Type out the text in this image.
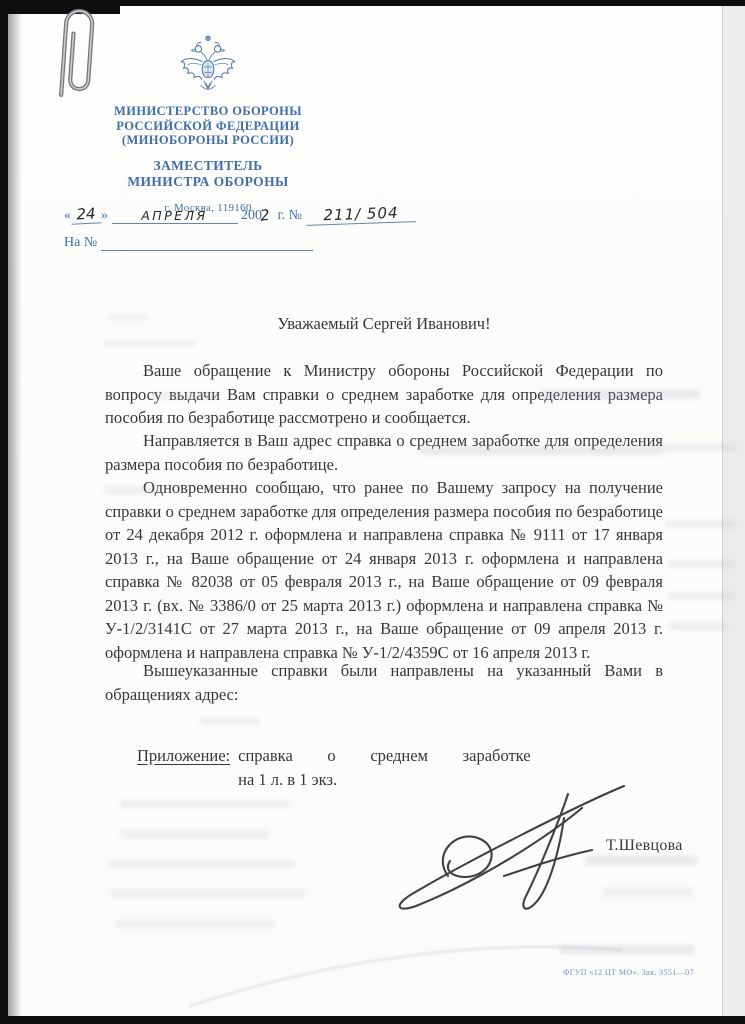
МИНИСТЕРСТВО ОБОРОНЫ
РОССИЙСКОЙ ФЕДЕРАЦИИ
(МИНОБОРОНЫ РОССИИ)
ЗАМЕСТИТЕЛЬ
МИНИСТРА ОБОРОНЫ
г. Москва, 119160
« 24 »	АПРЕЛЯ 2002 г. № 211/ 504
На №
Уважаемый Сергей Иванович!
Ваше обращение к Министру обороны Российской Федерации по вопросу выдачи Вам справки о среднем заработке для определения размера пособия по безработице рассмотрено и сообщается.
Направляется в Ваш адрес справка о среднем заработке для определения размера пособия по безработице.
Одновременно сообщаю, что ранее по Вашему запросу на получение справки о среднем заработке для определения размера пособия по безработице от 24 декабря 2012 г. оформлена и направлена справка № 9111 от 17 января 2013 г., на Ваше обращение от 24 января 2013 г. оформлена и направлена справка № 82038 от 05 февраля 2013 г., на Ваше обращение от 09 февраля 2013 г. (вх. № 3386/0 от 25 марта 2013 г.) оформлена и направлена справка № У-1/2/3141С от 27 марта 2013 г., на Ваше обращение от 09 апреля 2013 г. оформлена и направлена справка № У-1/2/4359С от 16 апреля 2013 г.
Вышеуказанные справки были направлены на указанный Вами в обращениях адрес:
Приложение: справка о среднем заработке
на 1 л. в 1 экз.
Т.Шевцова
ФГУП «12 ЦТ МО». Зак. 3551—07
